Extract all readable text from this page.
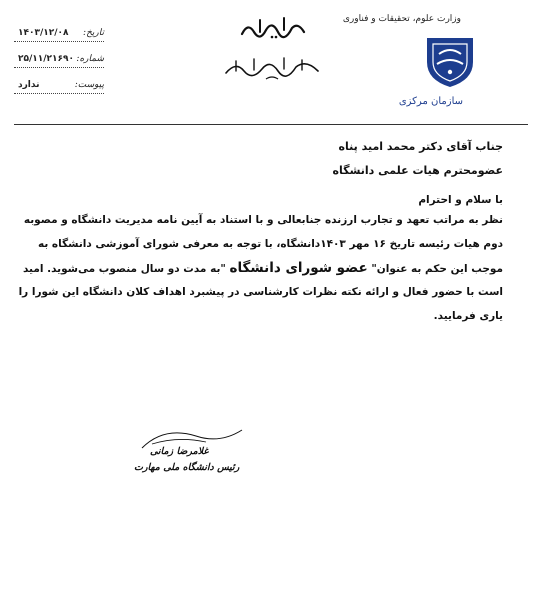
وزارت علوم، تحقیقات و فناوری
سازمان مرکزی
تاریخ:
۱۴۰۳/۱۲/۰۸
شماره:
۲۵/۱۱/۲۱۶۹۰
پیوست:
ندارد
جناب آقای دکتر محمد امید پناه
عضومحترم هیات علمی دانشگاه
با سلام و احترام
نظر به مراتب تعهد و تجارب ارزنده جنابعالی و با استناد به آیین نامه مدیریت دانشگاه و مصوبه
دوم هیات رئیسه تاریخ ۱۶ مهر ۱۴۰۳دانشگاه، با توجه به معرفی شورای آموزشی دانشگاه به
موجب این حکم به عنوان" عضو شورای دانشگاه "به مدت دو سال منصوب می‌شوید. امید
است با حضور فعال و ارائه نکته نظرات کارشناسی در پیشبرد اهداف کلان دانشگاه این شورا را
یاری فرمایید.
غلامرضا زمانی
رئیس دانشگاه ملی مهارت
